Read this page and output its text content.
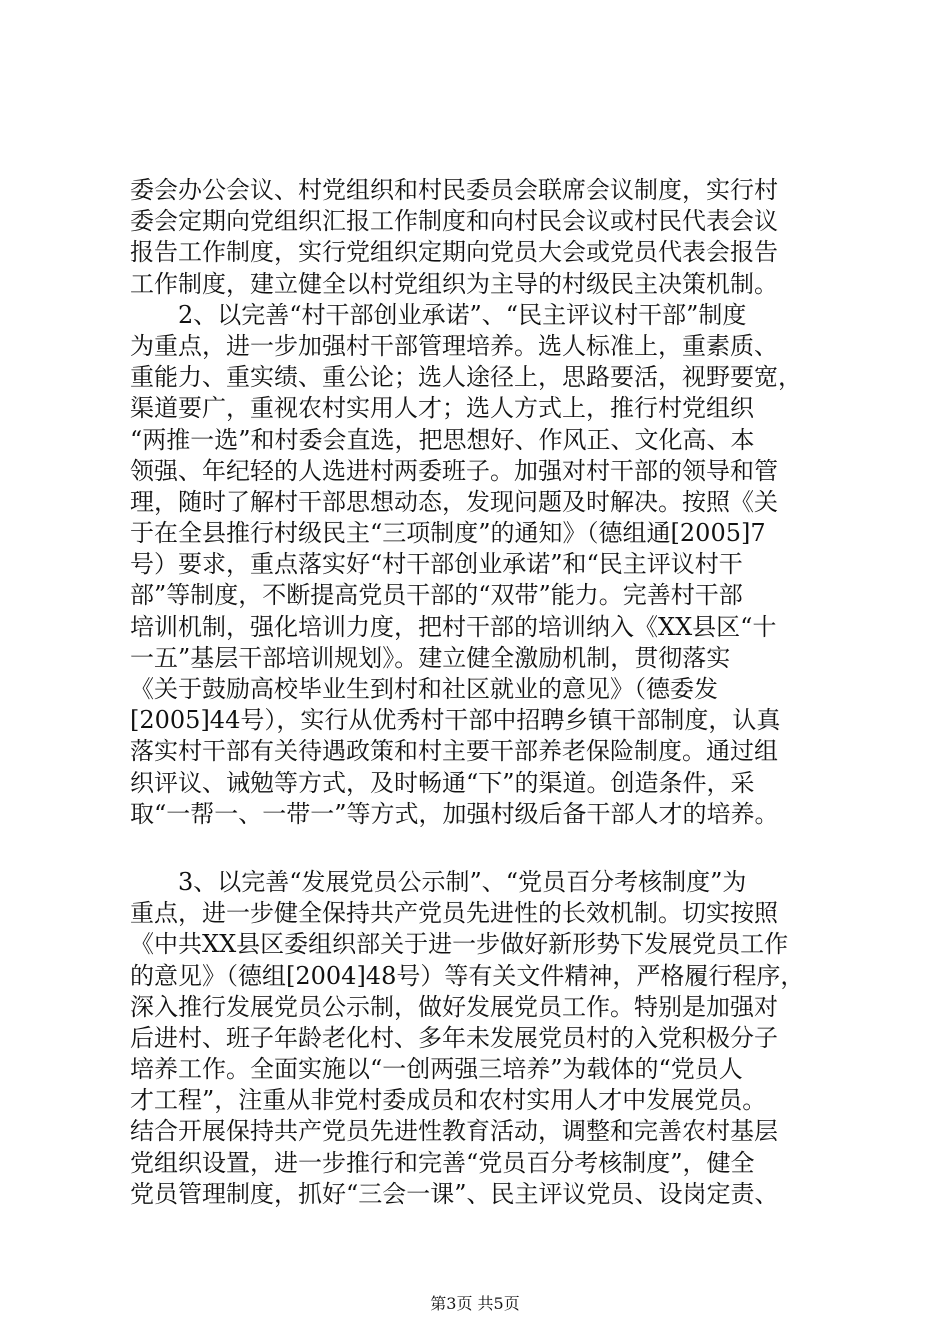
委会办公会议、村党组织和村民委员会联席会议制度，实行村
委会定期向党组织汇报工作制度和向村民会议或村民代表会议
报告工作制度，实行党组织定期向党员大会或党员代表会报告
工作制度，建立健全以村党组织为主导的村级民主决策机制。
　　2、以完善“村干部创业承诺”、“民主评议村干部”制度
为重点，进一步加强村干部管理培养。选人标准上，重素质、
重能力、重实绩、重公论；选人途径上，思路要活，视野要宽，
渠道要广，重视农村实用人才；选人方式上，推行村党组织
“两推一选”和村委会直选，把思想好、作风正、文化高、本
领强、年纪轻的人选进村两委班子。加强对村干部的领导和管
理，随时了解村干部思想动态，发现问题及时解决。按照《关
于在全县推行村级民主“三项制度”的通知》（德组通[2005]7
号）要求，重点落实好“村干部创业承诺”和“民主评议村干
部”等制度，不断提高党员干部的“双带”能力。完善村干部
培训机制，强化培训力度，把村干部的培训纳入《XX县区“十
一五”基层干部培训规划》。建立健全激励机制，贯彻落实
《关于鼓励高校毕业生到村和社区就业的意见》（德委发
[2005]44号），实行从优秀村干部中招聘乡镇干部制度，认真
落实村干部有关待遇政策和村主要干部养老保险制度。通过组
织评议、诫勉等方式，及时畅通“下”的渠道。创造条件，采
取“一帮一、一带一”等方式，加强村级后备干部人才的培养。
　　3、以完善“发展党员公示制”、“党员百分考核制度”为
重点，进一步健全保持共产党员先进性的长效机制。切实按照
《中共XX县区委组织部关于进一步做好新形势下发展党员工作
的意见》（德组[2004]48号）等有关文件精神，严格履行程序，
深入推行发展党员公示制，做好发展党员工作。特别是加强对
后进村、班子年龄老化村、多年未发展党员村的入党积极分子
培养工作。全面实施以“一创两强三培养”为载体的“党员人
才工程”，注重从非党村委成员和农村实用人才中发展党员。
结合开展保持共产党员先进性教育活动，调整和完善农村基层
党组织设置，进一步推行和完善“党员百分考核制度”，健全
党员管理制度，抓好“三会一课”、民主评议党员、设岗定责、
第3页 共5页
